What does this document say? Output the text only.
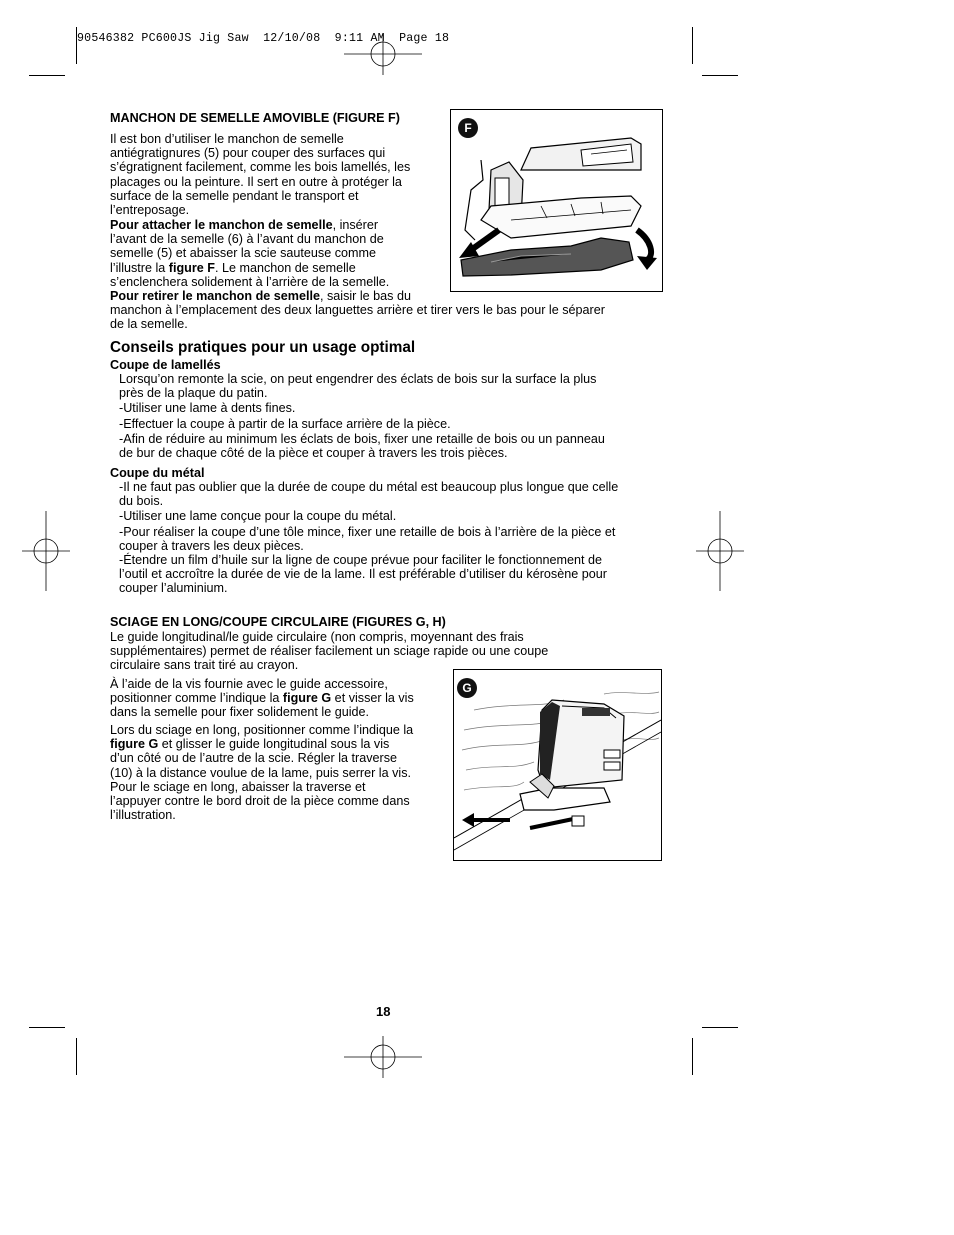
90546382 PC600JS Jig Saw  12/10/08  9:11 AM  Page 18
MANCHON DE SEMELLE AMOVIBLE (FIGURE F)

Il est bon d’utiliser le manchon de semelle

antiégratignures (5) pour couper des surfaces qui

s’égratignent facilement, comme les bois lamellés, les

placages ou la peinture. Il sert en outre à protéger la

surface de la semelle pendant le transport et

l’entreposage.

Pour attacher le manchon de semelle, insérer

l’avant de la semelle (6) à l’avant du manchon de

semelle (5) et abaisser la scie sauteuse comme

l’illustre la figure F. Le manchon de semelle

s’enclenchera solidement à l’arrière de la semelle.

Pour retirer le manchon de semelle, saisir le bas du

manchon à l’emplacement des deux languettes arrière et tirer vers le bas pour le séparer

de la semelle.

F
Conseils pratiques pour un usage optimal
Coupe de lamellés

Lorsqu’on remonte la scie, on peut engendrer des éclats de bois sur la surface la plus

près de la plaque du patin.

-Utiliser une lame à dents fines.

-Effectuer la coupe à partir de la surface arrière de la pièce.

-Afin de réduire au minimum les éclats de bois, fixer une retaille de bois ou un panneau

de bur de chaque côté de la pièce et couper à travers les trois pièces.

Coupe du métal

-Il ne faut pas oublier que la durée de coupe du métal est beaucoup plus longue que celle

du bois.

-Utiliser une lame conçue pour la coupe du métal.

-Pour réaliser la coupe d’une tôle mince, fixer une retaille de bois à l’arrière de la pièce et

couper à travers les deux pièces.

-Étendre un film d’huile sur la ligne de coupe prévue pour faciliter le fonctionnement de

l’outil et accroître la durée de vie de la lame. Il est préférable d’utiliser du kérosène pour

couper l’aluminium.

SCIAGE EN LONG/COUPE CIRCULAIRE (FIGURES G, H)

Le guide longitudinal/le guide circulaire (non compris, moyennant des frais

supplémentaires) permet de réaliser facilement un sciage rapide ou une coupe

circulaire sans trait tiré au crayon.

À l’aide de la vis fournie avec le guide accessoire,

positionner comme l’indique la figure G et visser la vis

dans la semelle pour fixer solidement le guide.

Lors du sciage en long, positionner comme l’indique la

figure G et glisser le guide longitudinal sous la vis

d’un côté ou de l’autre de la scie. Régler la traverse

(10) à la distance voulue de la lame, puis serrer la vis.

Pour le sciage en long, abaisser la traverse et

l’appuyer contre le bord droit de la pièce comme dans

l’illustration.

G
18
